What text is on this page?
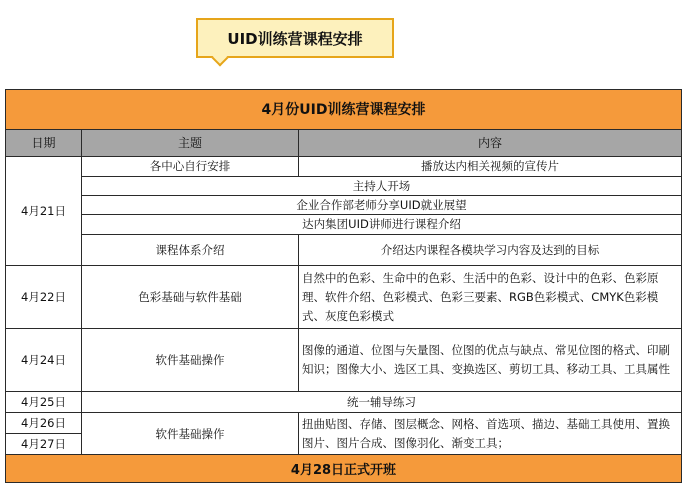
UID训练营课程安排
4月份UID训练营课程安排		
日期	主题	内容
4月21日	各中心自行安排	播放达内相关视频的宣传片
	主持人开场	
	企业合作部老师分享UID就业展望	
	达内集团UID讲师进行课程介绍	
	课程体系介绍	介绍达内课程各模块学习内容及达到的目标
4月22日	色彩基础与软件基础	自然中的色彩、生命中的色彩、生活中的色彩、设计中的色彩、色彩原理、软件介绍、色彩模式、色彩三要素、RGB色彩模式、CMYK色彩模式、灰度色彩模式
4月24日	软件基础操作	图像的通道、位图与矢量图、位图的优点与缺点、常见位图的格式、印刷知识；图像大小、选区工具、变换选区、剪切工具、移动工具、工具属性
4月25日	统一辅导练习	
4月26日	软件基础操作	扭曲贴图、存储、图层概念、网格、首选项、描边、基础工具使用、置换图片、图片合成、图像羽化、渐变工具；
4月27日		
4月28日正式开班		
